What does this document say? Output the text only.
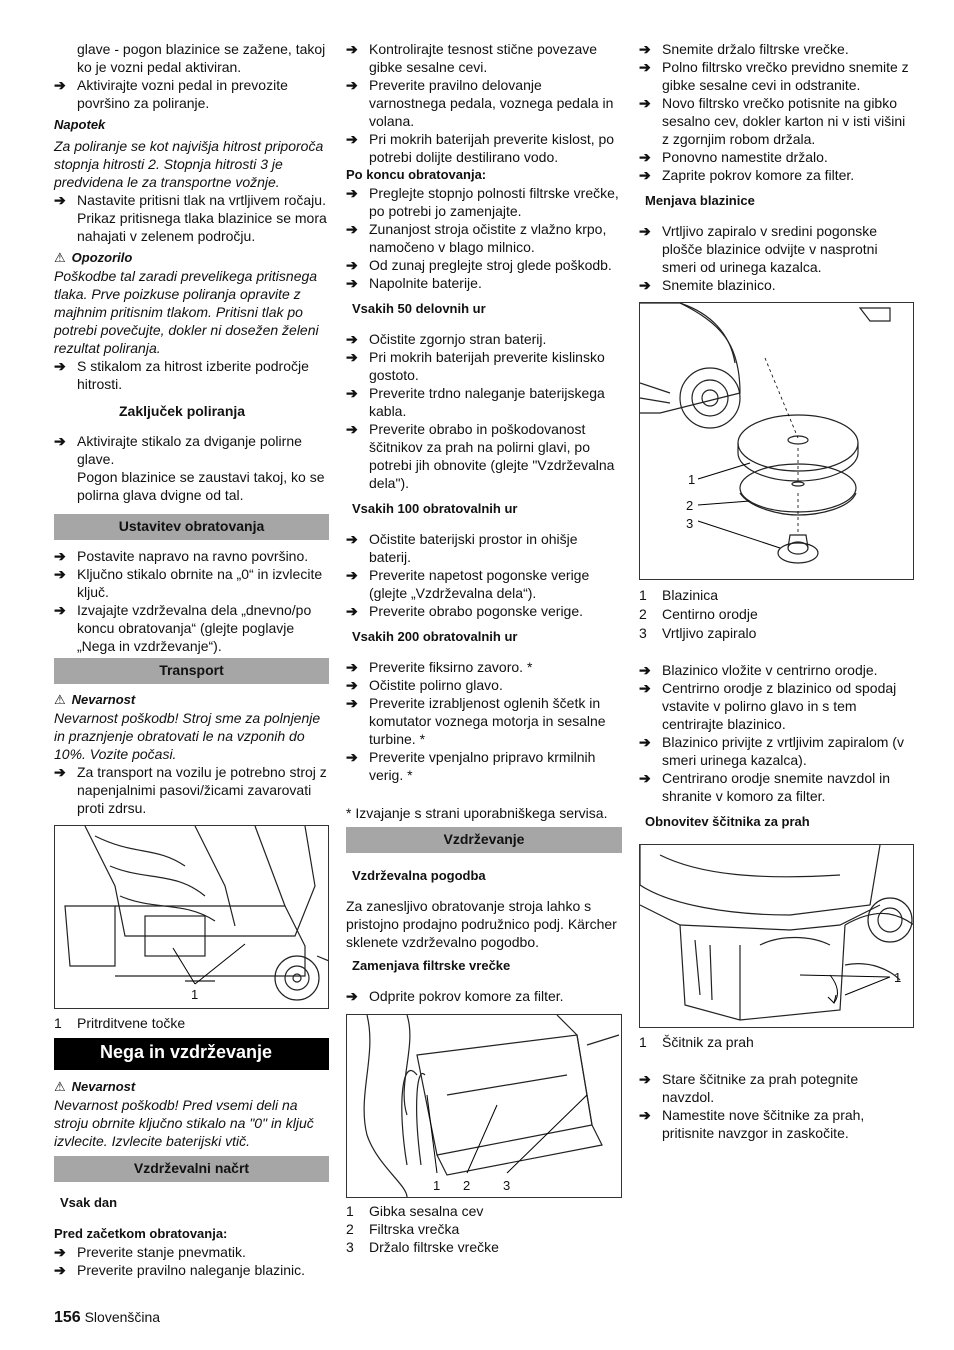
glave - pogon blazinice se zažene, takoj ko je vozni pedal aktiviran.
➔ Aktivirajte vozni pedal in prevozite površino za poliranje.
Napotek
Za poliranje se kot najvišja hitrost priporoča stopnja hitrosti 2. Stopnja hitrosti 3 je predvidena le za transportne vožnje.
➔ Nastavite pritisni tlak na vrtljivem ročaju.
Prikaz pritisnega tlaka blazinice se mora nahajati v zelenem področju.
⚠ Opozorilo
Poškodbe tal zaradi prevelikega pritisnega tlaka. Prve poizkuse poliranja opravite z majhnim pritisnim tlakom. Pritisni tlak po potrebi povečujte, dokler ni dosežen želeni rezultat poliranja.
➔ S stikalom za hitrost izberite področje hitrosti.
Zaključek poliranja
➔ Aktivirajte stikalo za dviganje polirne glave.
Pogon blazinice se zaustavi takoj, ko se polirna glava dvigne od tal.
Ustavitev obratovanja
➔ Postavite napravo na ravno površino.
➔ Ključno stikalo obrnite na „0“ in izvlecite ključ.
➔ Izvajajte vzdrževalna dela „dnevno/po koncu obratovanja“ (glejte poglavje „Nega in vzdrževanje“).
Transport
⚠ Nevarnost
Nevarnost poškodb! Stroj sme za polnjenje in praznjenje obratovati le na vzponih do 10%. Vozite počasi.
➔ Za transport na vozilu je potrebno stroj z napenjalnimi pasovi/žicami zavarovati proti zdrsu.
1
1	Pritrditvene točke
Nega in vzdrževanje
⚠ Nevarnost
Nevarnost poškodb! Pred vsemi deli na stroju obrnite ključno stikalo na "0" in ključ izvlecite. Izvlecite baterijski vtič.
Vzdrževalni načrt
Vsak dan
Pred začetkom obratovanja:
➔ Preverite stanje pnevmatik.
➔ Preverite pravilno naleganje blazinic.
➔ Kontrolirajte tesnost stične povezave gibke sesalne cevi.
➔ Preverite pravilno delovanje varnostnega pedala, voznega pedala in volana.
➔ Pri mokrih baterijah preverite kislost, po potrebi dolijte destilirano vodo.
Po koncu obratovanja:
➔ Preglejte stopnjo polnosti filtrske vrečke, po potrebi jo zamenjajte.
➔ Zunanjost stroja očistite z vlažno krpo, namočeno v blago milnico.
➔ Od zunaj preglejte stroj glede poškodb.
➔ Napolnite baterije.
Vsakih 50 delovnih ur
➔ Očistite zgornjo stran baterij.
➔ Pri mokrih baterijah preverite kislinsko gostoto.
➔ Preverite trdno naleganje baterijskega kabla.
➔ Preverite obrabo in poškodovanost ščitnikov za prah na polirni glavi, po potrebi jih obnovite (glejte "Vzdrževalna dela").
Vsakih 100 obratovalnih ur
➔ Očistite baterijski prostor in ohišje baterij.
➔ Preverite napetost pogonske verige (glejte „Vzdrževalna dela“).
➔ Preverite obrabo pogonske verige.
Vsakih 200 obratovalnih ur
➔ Preverite fiksirno zavoro. *
➔ Očistite polirno glavo.
➔ Preverite izrabljenost oglenih ščetk in komutator voznega motorja in sesalne turbine. *
➔ Preverite vpenjalno pripravo krmilnih verig. *
* Izvajanje s strani uporabniškega servisa.
Vzdrževanje
Vzdrževalna pogodba
Za zanesljivo obratovanje stroja lahko s pristojno prodajno podružnico podj. Kärcher sklenete vzdrževalno pogodbo.
Zamenjava filtrske vrečke
➔ Odprite pokrov komore za filter.
1 2	3
1	Gibka sesalna cev
2	Filtrska vrečka
3	Držalo filtrske vrečke
➔ Snemite držalo filtrske vrečke.
➔ Polno filtrsko vrečko previdno snemite z gibke sesalne cevi in odstranite.
➔ Novo filtrsko vrečko potisnite na gibko sesalno cev, dokler karton ni v isti višini z zgornjim robom držala.
➔ Ponovno namestite držalo.
➔ Zaprite pokrov komore za filter.
Menjava blazinice
➔ Vrtljivo zapiralo v sredini pogonske plošče blazinice odvijte v nasprotni smeri od urinega kazalca.
➔ Snemite blazinico.
1
2
3
1	Blazinica
2	Centirno orodje
3	Vrtljivo zapiralo
➔ Blazinico vložite v centrirno orodje.
➔ Centrirno orodje z blazinico od spodaj vstavite v polirno glavo in s tem centrirajte blazinico.
➔ Blazinico privijte z vrtljivim zapiralom (v smeri urinega kazalca).
➔ Centrirano orodje snemite navzdol in shranite v komoro za filter.
Obnovitev ščitnika za prah
1
1	Ščitnik za prah
➔ Stare ščitnike za prah potegnite navzdol.
➔ Namestite nove ščitnike za prah, pritisnite navzgor in zaskočite.
156 Slovenščina
